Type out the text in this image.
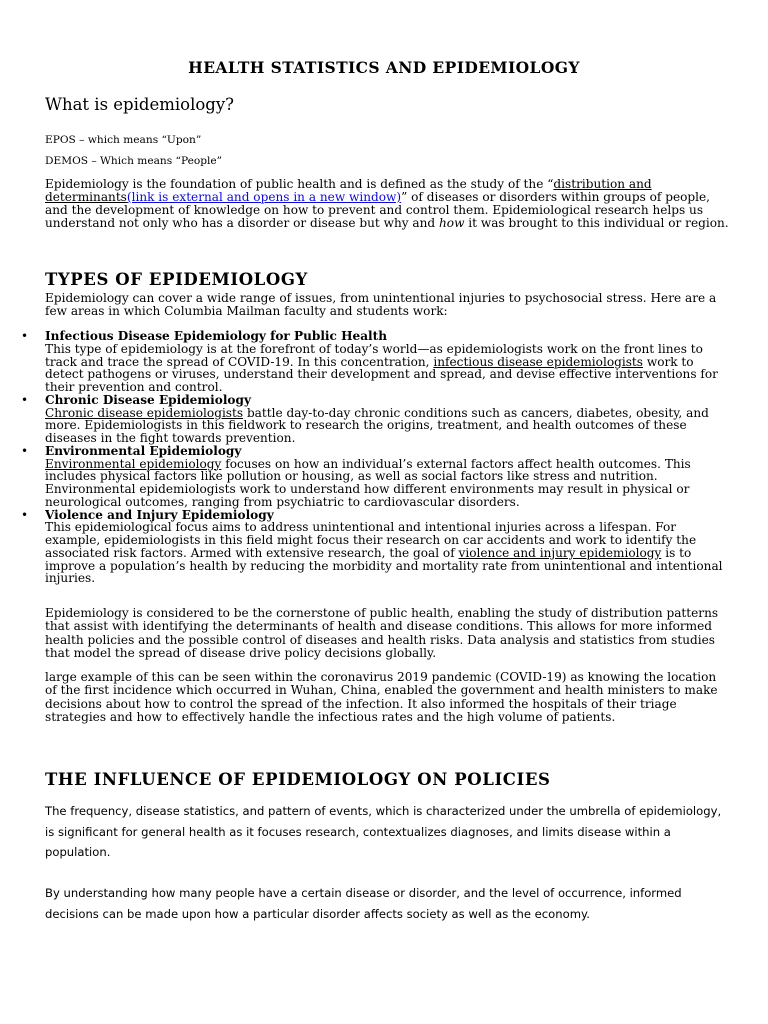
HEALTH STATISTICS AND EPIDEMIOLOGY
What is epidemiology?

EPOS – which means “Upon”

DEMOS – Which means “People”

Epidemiology is the foundation of public health and is defined as the study of the “distribution and determinants(link is external and opens in a new window)” of diseases or disorders within groups of people, and the development of knowledge on how to prevent and control them. Epidemiological research helps us understand not only who has a disorder or disease but why and how it was brought to this individual or region.

TYPES OF EPIDEMIOLOGY

Epidemiology can cover a wide range of issues, from unintentional injuries to psychosocial stress. Here are a few areas in which Columbia Mailman faculty and students work:

• Infectious Disease Epidemiology for Public Health
This type of epidemiology is at the forefront of today’s world—as epidemiologists work on the front lines to track and trace the spread of COVID-19. In this concentration, infectious disease epidemiologists work to detect pathogens or viruses, understand their development and spread, and devise effective interventions for their prevention and control.
• Chronic Disease Epidemiology
Chronic disease epidemiologists battle day-to-day chronic conditions such as cancers, diabetes, obesity, and more. Epidemiologists in this fieldwork to research the origins, treatment, and health outcomes of these diseases in the fight towards prevention.
• Environmental Epidemiology
Environmental epidemiology focuses on how an individual’s external factors affect health outcomes. This includes physical factors like pollution or housing, as well as social factors like stress and nutrition. Environmental epidemiologists work to understand how different environments may result in physical or neurological outcomes, ranging from psychiatric to cardiovascular disorders.
• Violence and Injury Epidemiology
This epidemiological focus aims to address unintentional and intentional injuries across a lifespan. For example, epidemiologists in this field might focus their research on car accidents and work to identify the associated risk factors. Armed with extensive research, the goal of violence and injury epidemiology is to improve a population’s health by reducing the morbidity and mortality rate from unintentional and intentional injuries.

Epidemiology is considered to be the cornerstone of public health, enabling the study of distribution patterns that assist with identifying the determinants of health and disease conditions. This allows for more informed health policies and the possible control of diseases and health risks. Data analysis and statistics from studies that model the spread of disease drive policy decisions globally.

large example of this can be seen within the coronavirus 2019 pandemic (COVID-19) as knowing the location of the first incidence which occurred in Wuhan, China, enabled the government and health ministers to make decisions about how to control the spread of the infection. It also informed the hospitals of their triage strategies and how to effectively handle the infectious rates and the high volume of patients.

THE INFLUENCE OF EPIDEMIOLOGY ON POLICIES

The frequency, disease statistics, and pattern of events, which is characterized under the umbrella of epidemiology, is significant for general health as it focuses research, contextualizes diagnoses, and limits disease within a population.

By understanding how many people have a certain disease or disorder, and the level of occurrence, informed decisions can be made upon how a particular disorder affects society as well as the economy.
